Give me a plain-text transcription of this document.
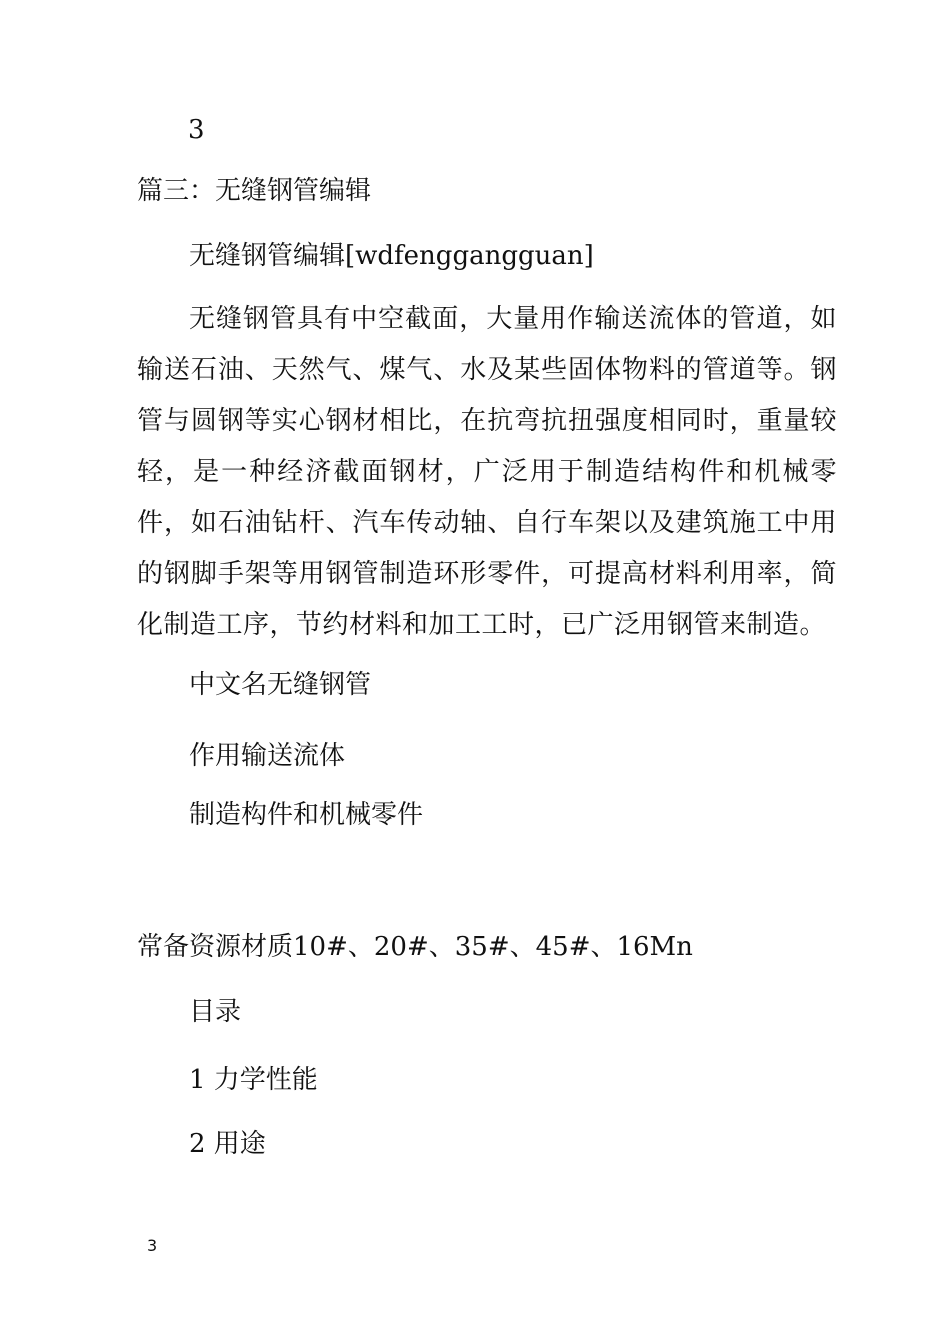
3
篇三：无缝钢管编辑
无缝钢管编辑[wdfenggangguan]
无缝钢管具有中空截面，大量用作输送流体的管道，如输送石油、天然气、煤气、水及某些固体物料的管道等。钢管与圆钢等实心钢材相比，在抗弯抗扭强度相同时，重量较轻，是一种经济截面钢材，广泛用于制造结构件和机械零件，如石油钻杆、汽车传动轴、自行车架以及建筑施工中用的钢脚手架等用钢管制造环形零件，可提高材料利用率，简化制造工序，节约材料和加工工时，已广泛用钢管来制造。
中文名无缝钢管
作用输送流体
制造构件和机械零件
常备资源材质10#、20#、35#、45#、16Mn
目录
1 力学性能
2 用途
3
